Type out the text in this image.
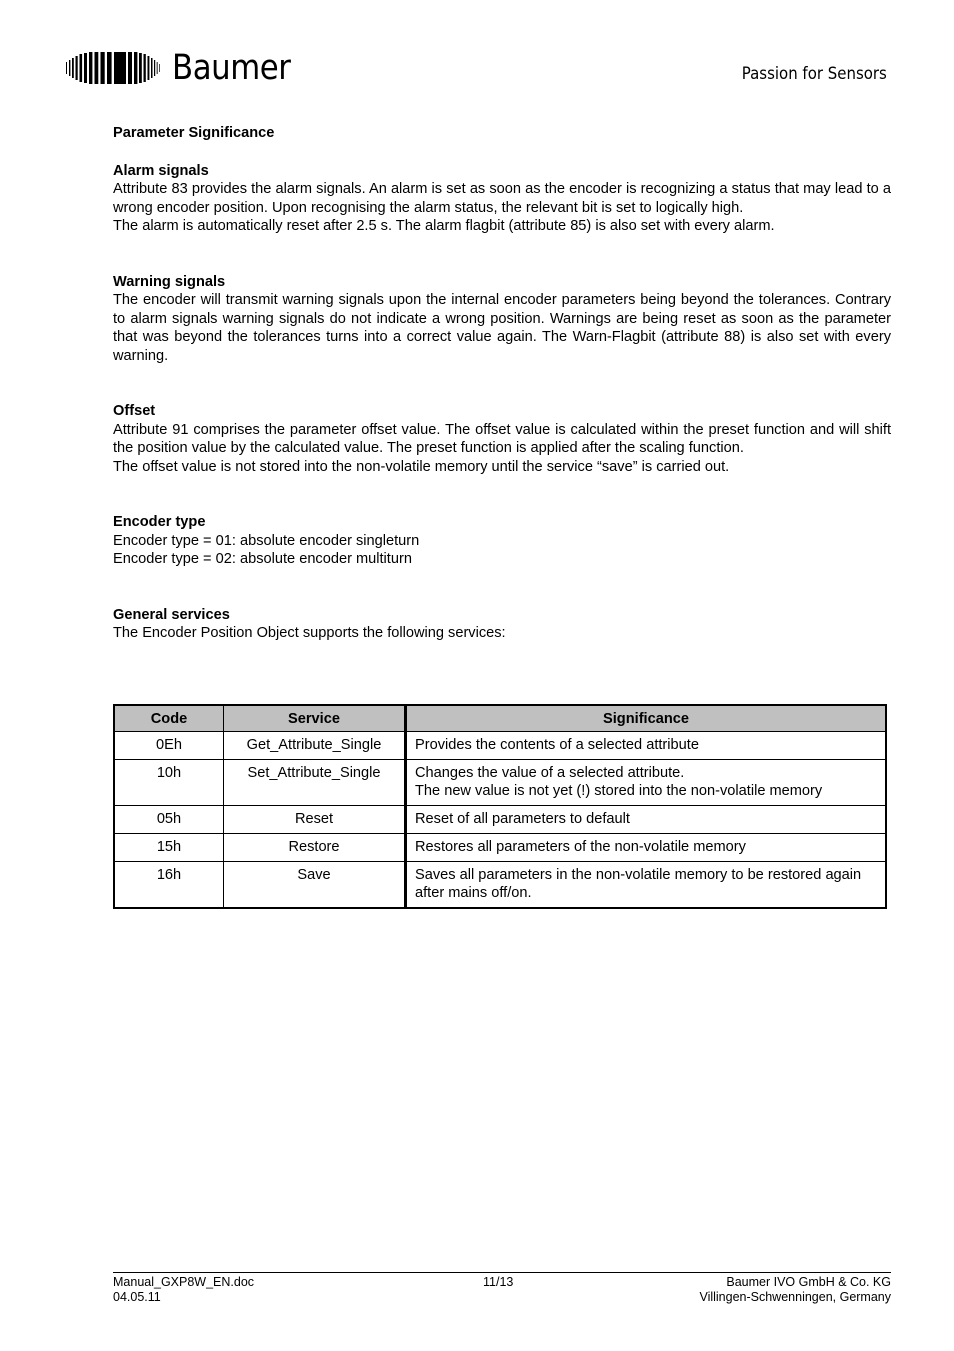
Baumer	Passion for Sensors

Parameter Significance

Alarm signals

Attribute 83 provides the alarm signals. An alarm is set as soon as the encoder is recognizing a status that may lead to a wrong encoder position. Upon recognising the alarm status, the relevant bit is set to logically high.

The alarm is automatically reset after 2.5 s. The alarm flagbit (attribute 85) is also set with every alarm.

Warning signals

The encoder will transmit warning signals upon the internal encoder parameters being beyond the tolerances. Contrary to alarm signals warning signals do not indicate a wrong position. Warnings are being reset as soon as the parameter that was beyond the tolerances turns into a correct value again. The Warn-Flagbit (attribute 88) is also set with every warning.

Offset

Attribute 91 comprises the parameter offset value. The offset value is calculated within the preset function and will shift the position value by the calculated value. The preset function is applied after the scaling function.

The offset value is not stored into the non-volatile memory until the service “save” is carried out.

Encoder type

Encoder type = 01: absolute encoder singleturn

Encoder type = 02: absolute encoder multiturn

General services

The Encoder Position Object supports the following services:

Code	Service	Significance
0Eh	Get_Attribute_Single	Provides the contents of a selected attribute

10h	Set_Attribute_Single	Changes the value of a selected attribute.
The new value is not yet (!) stored into the non-volatile memory

05h	Reset	Reset of all parameters to default

15h	Restore	Restores all parameters of the non-volatile memory

16h	Save	Saves all parameters in the non-volatile memory to be restored again after mains off/on.
Manual_GXP8W_EN.doc
04.05.11
11/13	Baumer IVO GmbH & Co. KG
Villingen-Schwenningen, Germany
